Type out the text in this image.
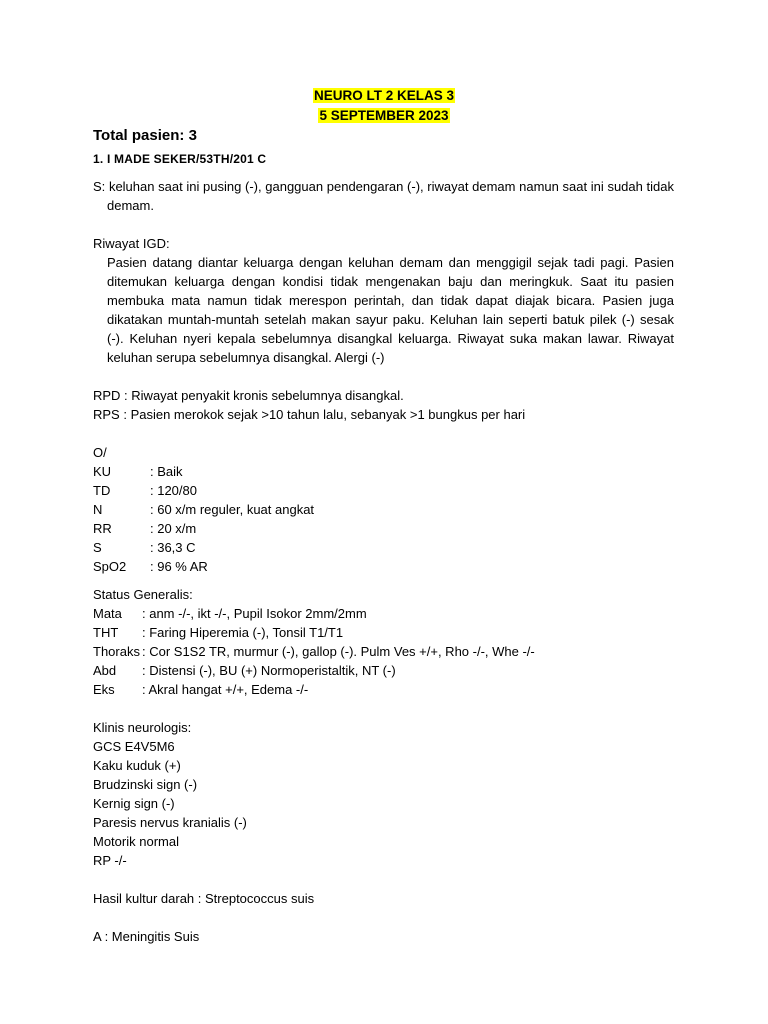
NEURO LT 2 KELAS 3
5 SEPTEMBER 2023

Total pasien: 3

1. I MADE SEKER/53TH/201 C

S: keluhan saat ini pusing (-), gangguan pendengaran (-), riwayat demam namun saat ini sudah tidak demam.

Riwayat IGD:

Pasien datang diantar keluarga dengan keluhan demam dan menggigil sejak tadi pagi. Pasien ditemukan keluarga dengan kondisi tidak mengenakan baju dan meringkuk. Saat itu pasien membuka mata namun tidak merespon perintah, dan tidak dapat diajak bicara. Pasien juga dikatakan muntah-muntah setelah makan sayur paku. Keluhan lain seperti batuk pilek (-) sesak (-). Keluhan nyeri kepala sebelumnya disangkal keluarga. Riwayat suka makan lawar. Riwayat keluhan serupa sebelumnya disangkal. Alergi (-)

RPD : Riwayat penyakit kronis sebelumnya disangkal.

RPS : Pasien merokok sejak >10 tahun lalu, sebanyak >1 bungkus per hari

O/

KU	: Baik
TD	: 120/80
N	: 60 x/m reguler, kuat angkat
RR	: 20 x/m
S	: 36,3 C
SpO2	: 96 % AR

Status Generalis:

Mata	: anm -/-, ikt -/-, Pupil Isokor 2mm/2mm
THT	: Faring Hiperemia (-), Tonsil T1/T1
Thoraks : Cor S1S2 TR, murmur (-), gallop (-). Pulm Ves +/+, Rho -/-, Whe -/-
Abd	: Distensi (-), BU (+) Normoperistaltik, NT (-)
Eks	: Akral hangat +/+, Edema -/-

Klinis neurologis:

GCS E4V5M6

Kaku kuduk (+)

Brudzinski sign (-)

Kernig sign (-)

Paresis nervus kranialis (-)

Motorik normal

RP -/-

Hasil kultur darah : Streptococcus suis

A : Meningitis Suis
